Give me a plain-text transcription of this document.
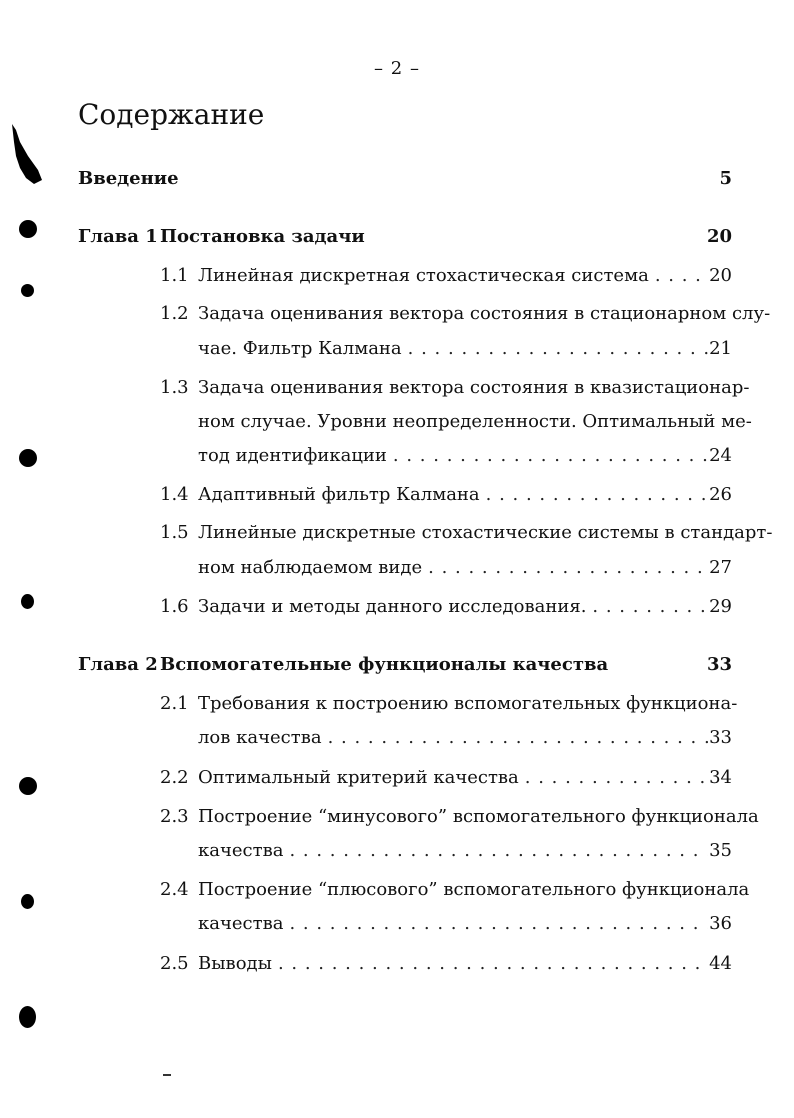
– 2 –
Содержание
Введение	5
Глава 1 Постановка задачи	20
1.1 Линейная дискретная стохастическая система . . .	20
1.2 Задача оценивания вектора состояния в стационарном слу-
чае. Фильтр Калмана . . .	21
1.3 Задача оценивания вектора состояния в квазистационар-
ном случае. Уровни неопределенности. Оптимальный ме-
тод идентификации . . .	24
1.4 Адаптивный фильтр Калмана . . .	26
1.5 Линейные дискретные стохастические системы в стандарт-
ном наблюдаемом виде . . .	27
1.6 Задачи и методы данного исследования. . . .	29
Глава 2 Вспомогательные функционалы качества	33
2.1 Требования к построению вспомогательных функциона-
лов качества . . .	33
2.2 Оптимальный критерий качества . . .	34
2.3 Построение “минусового” вспомогательного функционала
качества . . .	35
2.4 Построение “плюсового” вспомогательного функционала
качества . . .	36
2.5 Выводы . . .	44
